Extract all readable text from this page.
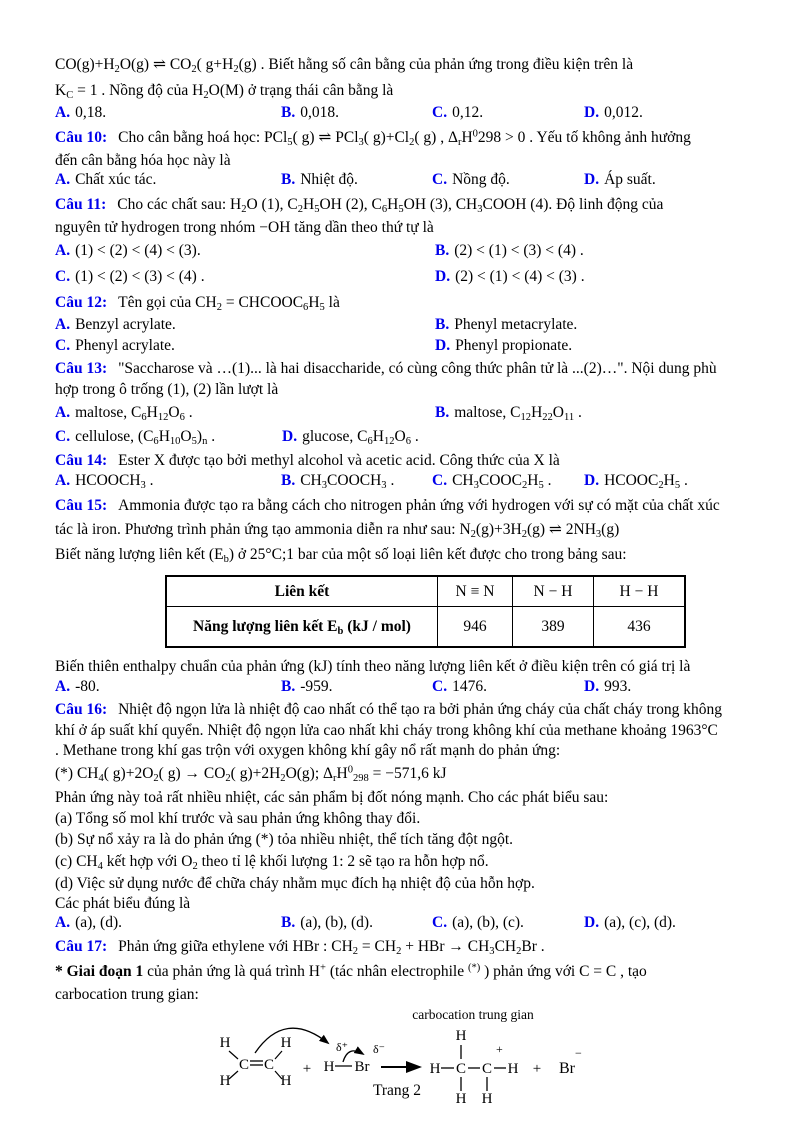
$CO(g)+H_2O(g)$ ⇌ $CO_2$( $g+H_2(g)$ . Biết hằng số cân bằng của phản ứng trong điều kiện trên là

$K_C = 1$ . Nồng độ của $H_2O(M)$ ở trạng thái cân bằng là

A. 0,18.	B. 0,018.	C. 0,12.	D. 0,012.

Câu 10: Cho cân bằng hoá học: PCl$_5$( g) ⇌ PCl$_3$( $g)+Cl_2$( g) , $\Delta_rH^0298 > 0$ . Yếu tố không ảnh hưởng

đến cân bằng hóa học này là

A. Chất xúc tác.	B. Nhiệt độ.	C. Nồng độ.	D. Áp suất.

Câu 11: Cho các chất sau: $H_2O$ (1), $C_2H_5OH$ (2), $C_6H_5OH$ (3), $CH_3COOH$ (4). Độ linh động của

nguyên tử hydrogen trong nhóm −OH tăng dần theo thứ tự là

A. (1) < (2) < (4) < (3).	B. (2) < (1) < (3) < (4) .
C. (1) < (2) < (3) < (4) .	D. (2) < (1) < (4) < (3) .

Câu 12: Tên gọi của $CH_2$ = $CHCOOC_6H_5$ là

A. Benzyl acrylate.	B. Phenyl metacrylate.
C. Phenyl acrylate.	D. Phenyl propionate.

Câu 13: "Saccharose và …(1)... là hai disaccharide, có cùng công thức phân tử là ...(2)…". Nội dung phù

hợp trong ô trống (1), (2) lần lượt là

A. maltose, $C_6H_{12}O_6$ .	B. maltose, $C_{12}H_{22}O_{11}$ .
C. cellulose, $(C_6H_{10}O_5)_n$ .	D. glucose, $C_6H_{12}O_6$ .

Câu 14: Ester X được tạo bởi methyl alcohol và acetic acid. Công thức của X là

A. $HCOOCH_3$ .	B. $CH_3COOCH_3$ . C. $CH_3COOC_2H_5$ . D. $HCOOC_2H_5$ .

Câu 15: Ammonia được tạo ra bằng cách cho nitrogen phản ứng với hydrogen với sự có mặt của chất xúc

tác là iron. Phương trình phản ứng tạo ammonia diễn ra như sau: $N_2(g)+3H_2(g)$ ⇌ $2NH_3(g)$

Biết năng lượng liên kết $(E_b)$ ở 25°C;1 bar của một số loại liên kết được cho trong bảng sau:

Liên kết	N ≡ N	N − H	H − H
Năng lượng liên kết $E_b$ (kJ / mol)	946	389	436

Biến thiên enthalpy chuẩn của phản ứng (kJ) tính theo năng lượng liên kết ở điều kiện trên có giá trị là

A. -80.	B. -959.	C. 1476.	D. 993.

Câu 16: Nhiệt độ ngọn lửa là nhiệt độ cao nhất có thể tạo ra bởi phản ứng cháy của chất cháy trong không

khí ở áp suất khí quyển. Nhiệt độ ngọn lửa cao nhất khi cháy trong không khí của methane khoảng 1963°C

. Methane trong khí gas trộn với oxygen không khí gây nổ rất mạnh do phản ứng:

(*) $CH_4$( $g)+2O_2$( $g) \to CO_2$( $g)+2H_2O(g)$; $\Delta_rH^0_{298} = -571,6$ kJ

Phản ứng này toả rất nhiều nhiệt, các sản phẩm bị đốt nóng mạnh. Cho các phát biểu sau:

(a) Tổng số mol khí trước và sau phản ứng không thay đổi.

(b) Sự nổ xảy ra là do phản ứng (*) tỏa nhiều nhiệt, thể tích tăng đột ngột.

(c) $CH_4$ kết hợp với $O_2$ theo tỉ lệ khối lượng 1: 2 sẽ tạo ra hỗn hợp nổ.

(d) Việc sử dụng nước để chữa cháy nhằm mục đích hạ nhiệt độ của hỗn hợp.

Các phát biểu đúng là

A. (a), (d).	B. (a), (b), (d).	C. (a), (b), (c).	D. (a), (c), (d).

Câu 17: Phản ứng giữa ethylene với HBr : $CH_2 = CH_2$ + HBr → $CH_3CH_2Br$ .

* Giai đoạn 1 của phản ứng là quá trình H+ (tác nhân electrophile (*) ) phản ứng với C = C , tạo

carbocation trung gian:

carbocation trung gian
H
H
C C
H
H
+ H Br
δ⁺ δ⁻
H C C H
H
+
H H
+ Br
−
Trang 2
